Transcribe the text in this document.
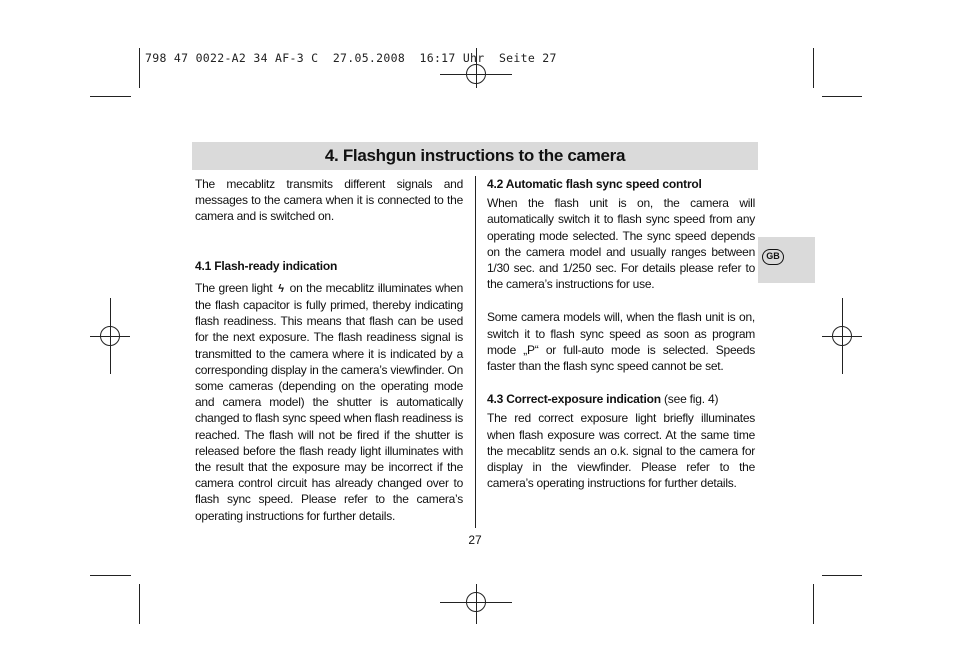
798 47 0022-A2 34 AF-3 C  27.05.2008  16:17 Uhr  Seite 27
4. Flashgun instructions to the camera

The mecablitz transmits different signals and messages to the camera when it is connected to the camera and is switched on.

4.1 Flash-ready indication

The green light ϟ on the mecablitz illuminates when the flash capacitor is fully primed, thereby indicating flash readiness. This means that flash can be used for the next exposure. The flash readiness signal is transmitted to the camera where it is indicated by a corresponding display in the camera’s viewfinder. On some cameras (depending on the operating mode and camera model) the shutter is automatically changed to flash sync speed when flash readiness is reached. The flash will not be fired if the shutter is released before the flash ready light illuminates with the result that the exposure may be incorrect if the camera control circuit has already changed over to flash sync speed. Please refer to the camera’s operating instructions for further details.

4.2 Automatic flash sync speed control

When the flash unit is on, the camera will automatically switch it to flash sync speed from any operating mode selected. The sync speed depends on the camera model and usually ranges between 1/30 sec. and 1/250 sec. For details please refer to the camera’s instructions for use.

Some camera models will, when the flash unit is on, switch it to flash sync speed as soon as program mode „P“ or full-auto mode is selected. Speeds faster than the flash sync speed cannot be set.

4.3 Correct-exposure indication (see fig. 4)

The red correct exposure light briefly illuminates when flash exposure was correct. At the same time the mecablitz sends an o.k. signal to the camera for display in the viewfinder. Please refer to the camera’s operating instructions for further details.

GB
27
